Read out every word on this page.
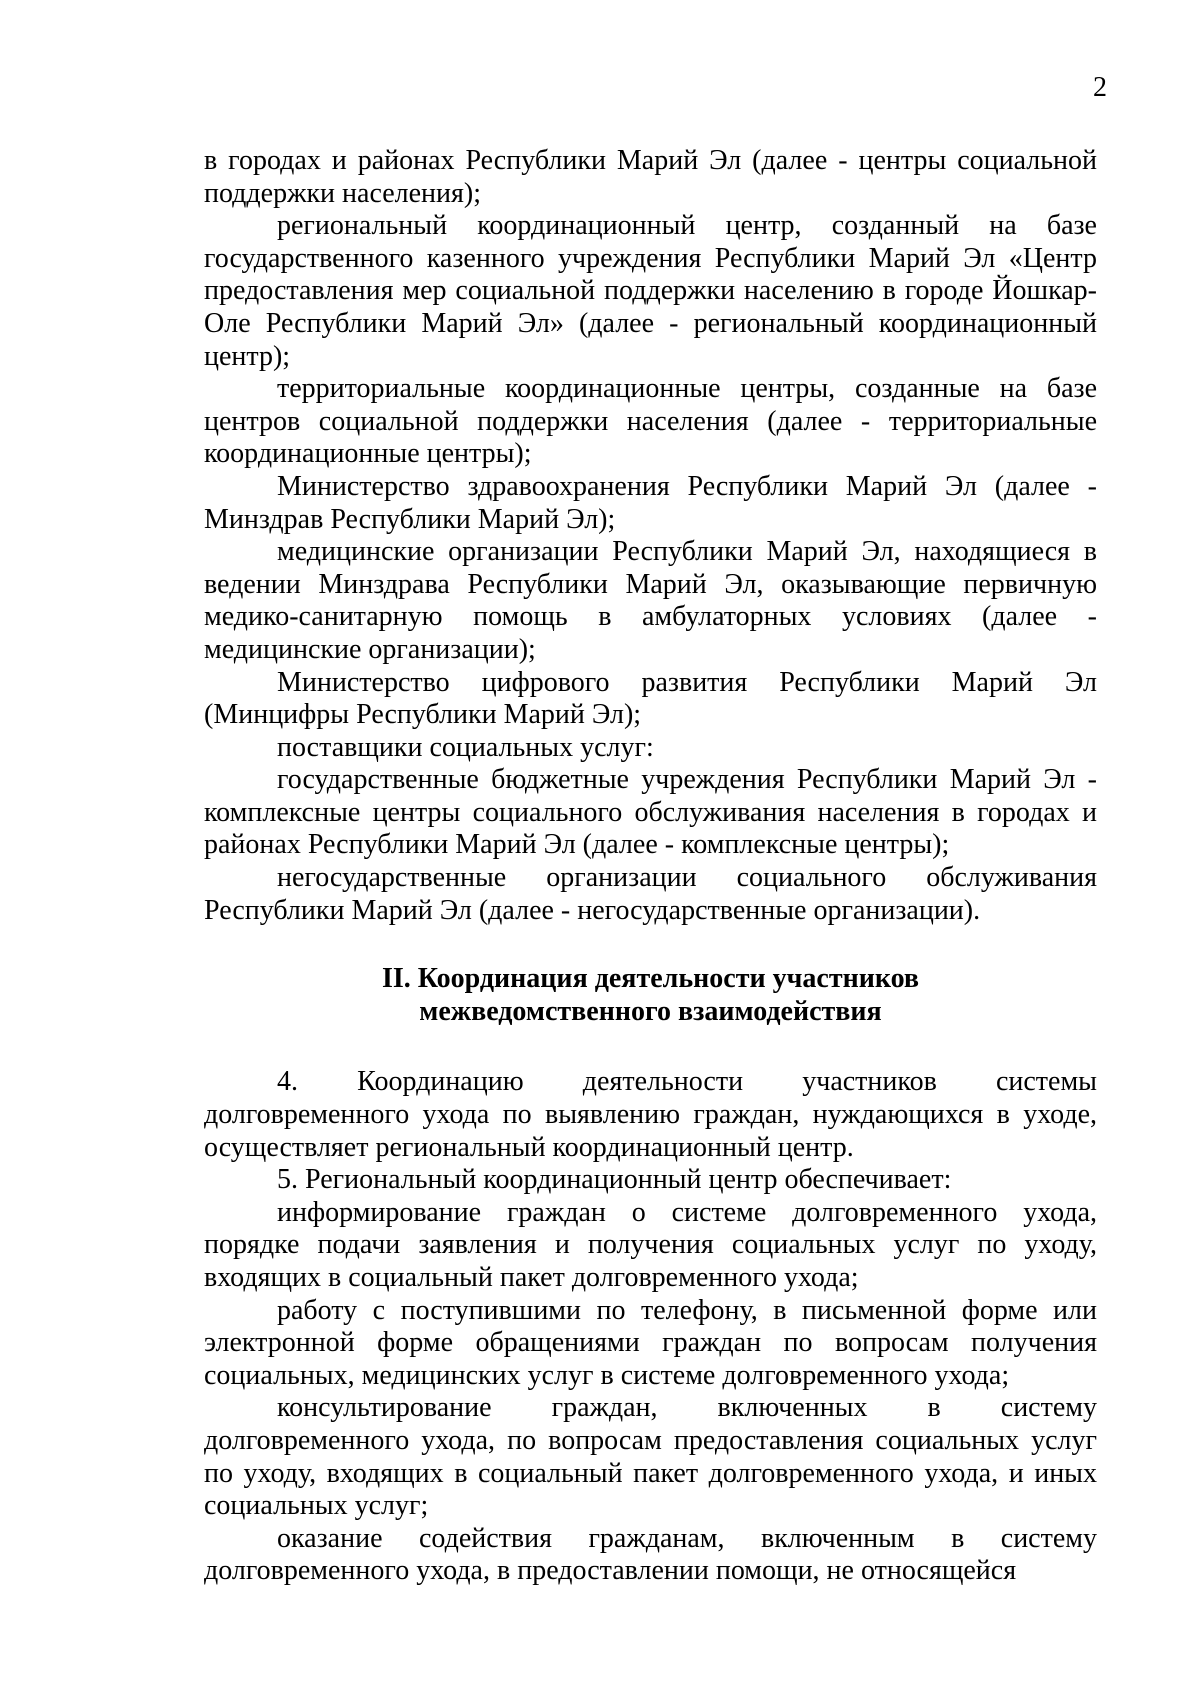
2

в городах и районах Республики Марий Эл (далее - центры социальной поддержки населения);

региональный координационный центр, созданный на базе государственного казенного учреждения Республики Марий Эл «Центр предоставления мер социальной поддержки населению в городе Йошкар-Оле Республики Марий Эл» (далее - региональный координационный центр);

территориальные координационные центры, созданные на базе центров социальной поддержки населения (далее - территориальные координационные центры);

Министерство здравоохранения Республики Марий Эл (далее - Минздрав Республики Марий Эл);

медицинские организации Республики Марий Эл, находящиеся в ведении Минздрава Республики Марий Эл, оказывающие первичную медико-санитарную помощь в амбулаторных условиях (далее - медицинские организации);

Министерство цифрового развития Республики Марий Эл (Минцифры Республики Марий Эл);

поставщики социальных услуг:

государственные бюджетные учреждения Республики Марий Эл - комплексные центры социального обслуживания населения в городах и районах Республики Марий Эл (далее - комплексные центры);

негосударственные организации социального обслуживания Республики Марий Эл (далее - негосударственные организации).

II. Координация деятельности участников
межведомственного взаимодействия

4. Координацию деятельности участников системы долговременного ухода по выявлению граждан, нуждающихся в уходе, осуществляет региональный координационный центр.

5. Региональный координационный центр обеспечивает:

информирование граждан о системе долговременного ухода, порядке подачи заявления и получения социальных услуг по уходу, входящих в социальный пакет долговременного ухода;

работу с поступившими по телефону, в письменной форме или электронной форме обращениями граждан по вопросам получения социальных, медицинских услуг в системе долговременного ухода;

консультирование граждан, включенных в систему долговременного ухода, по вопросам предоставления социальных услуг по уходу, входящих в социальный пакет долговременного ухода, и иных социальных услуг;

оказание содействия гражданам, включенным в систему долговременного ухода, в предоставлении помощи, не относящейся
